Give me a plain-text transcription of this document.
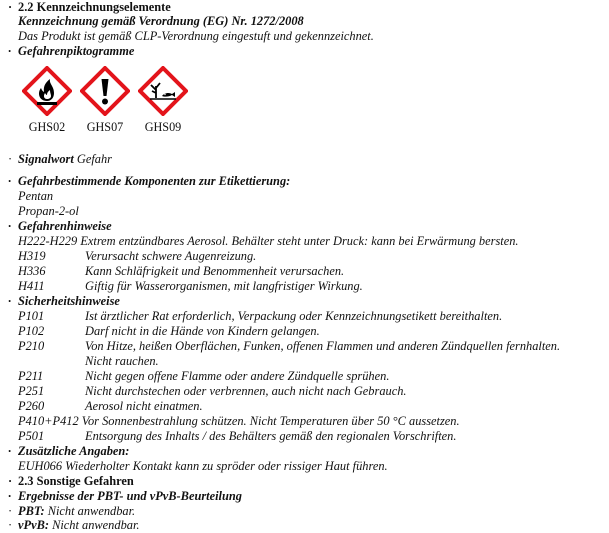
· 2.2 Kennzeichnungselemente
Kennzeichnung gemäß Verordnung (EG) Nr. 1272/2008
Das Produkt ist gemäß CLP-Verordnung eingestuft und gekennzeichnet.
· Gefahrenpiktogramme
GHS02	GHS07	GHS09
· Signalwort Gefahr
· Gefahrbestimmende Komponenten zur Etikettierung:
Pentan
Propan-2-ol
· Gefahrenhinweise
H222-H229 Extrem entzündbares Aerosol. Behälter steht unter Druck: kann bei Erwärmung bersten.
H319	Verursacht schwere Augenreizung.
H336	Kann Schläfrigkeit und Benommenheit verursachen.
H411	Giftig für Wasserorganismen, mit langfristiger Wirkung.
· Sicherheitshinweise
P101	Ist ärztlicher Rat erforderlich, Verpackung oder Kennzeichnungsetikett bereithalten.
P102	Darf nicht in die Hände von Kindern gelangen.
P210	Von Hitze, heißen Oberflächen, Funken, offenen Flammen und anderen Zündquellen fernhalten.
Nicht rauchen.
P211	Nicht gegen offene Flamme oder andere Zündquelle sprühen.
P251	Nicht durchstechen oder verbrennen, auch nicht nach Gebrauch.
P260	Aerosol nicht einatmen.
P410+P412 Vor Sonnenbestrahlung schützen. Nicht Temperaturen über 50 °C aussetzen.
P501	Entsorgung des Inhalts / des Behälters gemäß den regionalen Vorschriften.
· Zusätzliche Angaben:
EUH066 Wiederholter Kontakt kann zu spröder oder rissiger Haut führen.
· 2.3 Sonstige Gefahren
· Ergebnisse der PBT- und vPvB-Beurteilung
· PBT: Nicht anwendbar.
· vPvB: Nicht anwendbar.
